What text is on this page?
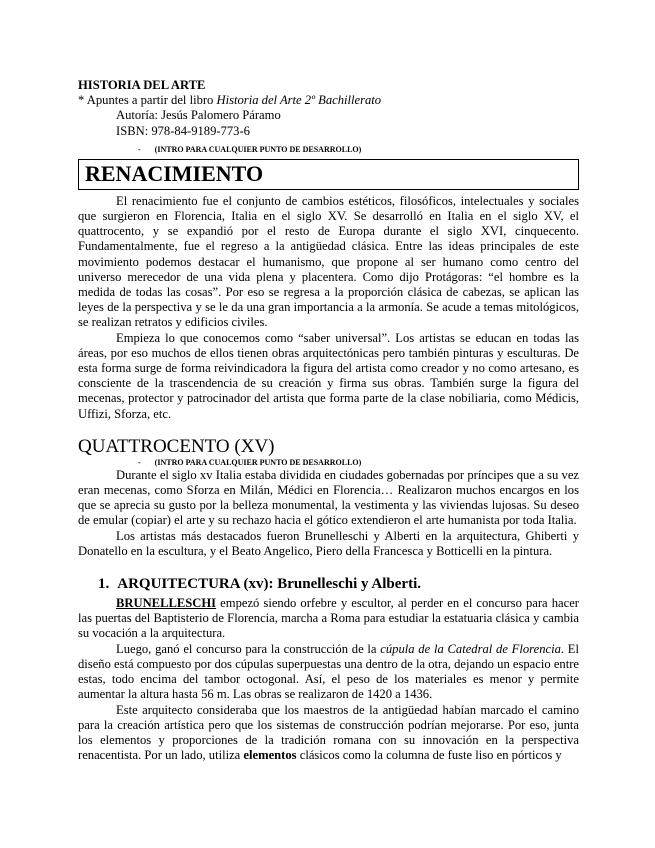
HISTORIA DEL ARTE
* Apuntes a partir del libro Historia del Arte 2º Bachillerato
Autoría: Jesús Palomero Páramo
ISBN: 978-84-9189-773-6
- (INTRO PARA CUALQUIER PUNTO DE DESARROLLO)
RENACIMIENTO

El renacimiento fue el conjunto de cambios estéticos, filosóficos, intelectuales y sociales que surgieron en Florencia, Italia en el siglo XV. Se desarrolló en Italia en el siglo XV, el quattrocento, y se expandió por el resto de Europa durante el siglo XVI, cinquecento. Fundamentalmente, fue el regreso a la antigüedad clásica. Entre las ideas principales de este movimiento podemos destacar el humanismo, que propone al ser humano como centro del universo merecedor de una vida plena y placentera. Como dijo Protágoras: “el hombre es la medida de todas las cosas”. Por eso se regresa a la proporción clásica de cabezas, se aplican las leyes de la perspectiva y se le da una gran importancia a la armonía. Se acude a temas mitológicos, se realizan retratos y edificios civiles.

Empieza lo que conocemos como “saber universal”. Los artistas se educan en todas las áreas, por eso muchos de ellos tienen obras arquitectónicas pero también pinturas y esculturas. De esta forma surge de forma reivindicadora la figura del artista como creador y no como artesano, es consciente de la trascendencia de su creación y firma sus obras. También surge la figura del mecenas, protector y patrocinador del artista que forma parte de la clase nobiliaria, como Médicis, Uffizi, Sforza, etc.

QUATTROCENTO (XV)
- (INTRO PARA CUALQUIER PUNTO DE DESARROLLO)

Durante el siglo xv Italia estaba dividida en ciudades gobernadas por príncipes que a su vez eran mecenas, como Sforza en Milán, Médici en Florencia… Realizaron muchos encargos en los que se aprecia su gusto por la belleza monumental, la vestimenta y las viviendas lujosas. Su deseo de emular (copiar) el arte y su rechazo hacia el gótico extendieron el arte humanista por toda Italia.

Los artistas más destacados fueron Brunelleschi y Alberti en la arquitectura, Ghiberti y Donatello en la escultura, y el Beato Angelico, Piero della Francesca y Botticelli en la pintura.

1. ARQUITECTURA (xv): Brunelleschi y Alberti.

BRUNELLESCHI empezó siendo orfebre y escultor, al perder en el concurso para hacer las puertas del Baptisterio de Florencia, marcha a Roma para estudiar la estatuaria clásica y cambia su vocación a la arquitectura.

Luego, ganó el concurso para la construcción de la cúpula de la Catedral de Florencia. El diseño está compuesto por dos cúpulas superpuestas una dentro de la otra, dejando un espacio entre estas, todo encima del tambor octogonal. Así, el peso de los materiales es menor y permite aumentar la altura hasta 56 m. Las obras se realizaron de 1420 a 1436.

Este arquitecto consideraba que los maestros de la antigüedad habían marcado el camino para la creación artística pero que los sistemas de construcción podrían mejorarse. Por eso, junta los elementos y proporciones de la tradición romana con su innovación en la perspectiva renacentista. Por un lado, utiliza elementos clásicos como la columna de fuste liso en pórticos y
